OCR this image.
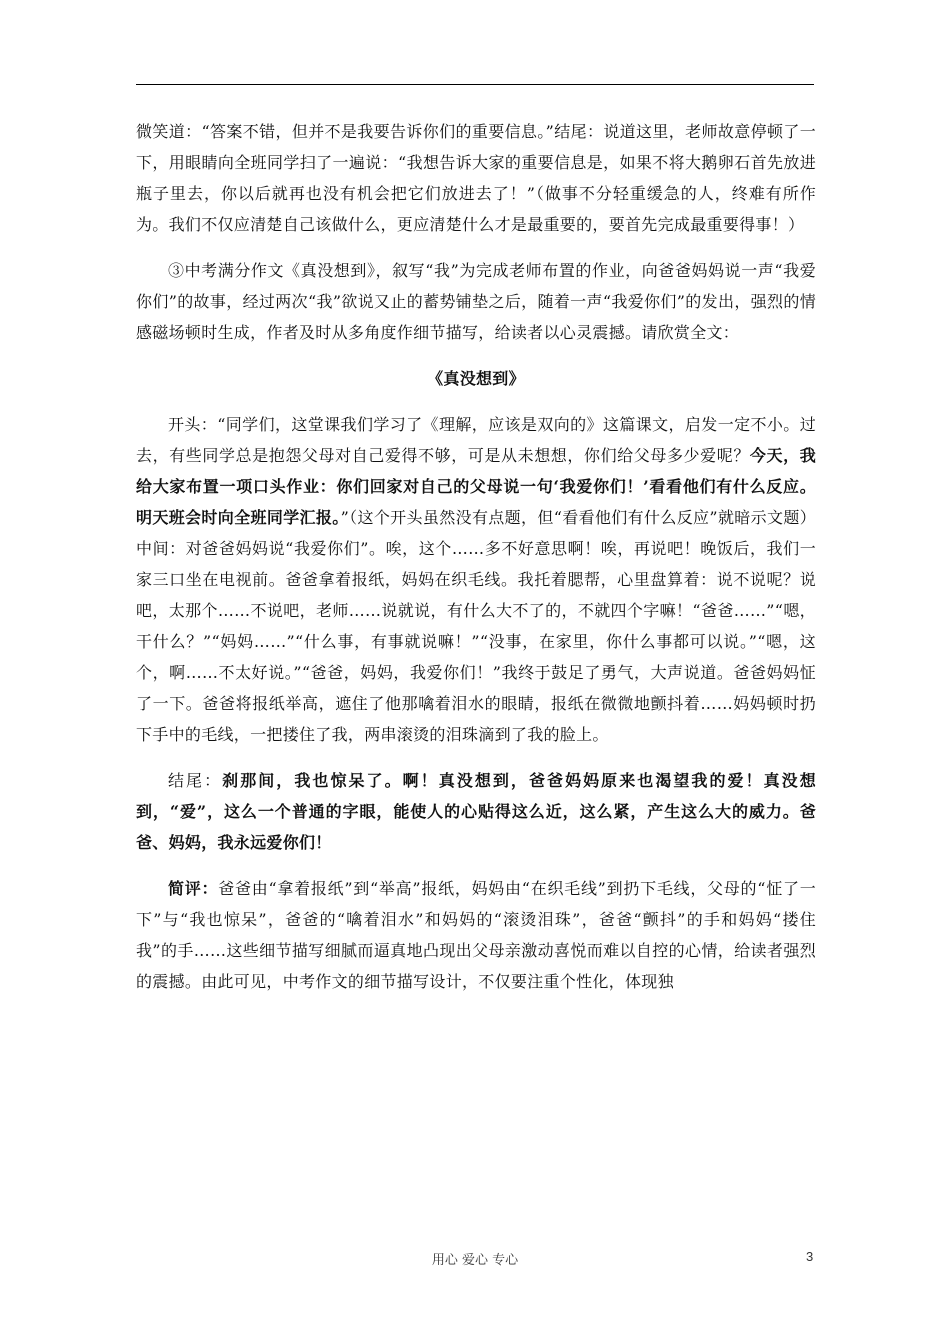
微笑道：“答案不错，但并不是我要告诉你们的重要信息。”结尾：说道这里，老师故意停顿了一下，用眼睛向全班同学扫了一遍说：“我想告诉大家的重要信息是，如果不将大鹅卵石首先放进瓶子里去，你以后就再也没有机会把它们放进去了！”（做事不分轻重缓急的人，终难有所作为。我们不仅应清楚自己该做什么，更应清楚什么才是最重要的，要首先完成最重要得事！）

③中考满分作文《真没想到》，叙写“我”为完成老师布置的作业，向爸爸妈妈说一声“我爱你们”的故事，经过两次“我”欲说又止的蓄势铺垫之后，随着一声“我爱你们”的发出，强烈的情感磁场顿时生成，作者及时从多角度作细节描写，给读者以心灵震撼。请欣赏全文：

《真没想到》

开头：“同学们，这堂课我们学习了《理解，应该是双向的》这篇课文，启发一定不小。过去，有些同学总是抱怨父母对自己爱得不够，可是从未想想，你们给父母多少爱呢？今天，我给大家布置一项口头作业：你们回家对自己的父母说一句‘我爱你们！’看看他们有什么反应。明天班会时向全班同学汇报。”（这个开头虽然没有点题，但“看看他们有什么反应”就暗示文题）中间：对爸爸妈妈说“我爱你们”。唉，这个……多不好意思啊！唉，再说吧！晚饭后，我们一家三口坐在电视前。爸爸拿着报纸，妈妈在织毛线。我托着腮帮，心里盘算着：说不说呢？说吧，太那个……不说吧，老师……说就说，有什么大不了的，不就四个字嘛！“爸爸……”“嗯，干什么？”“妈妈……”“什么事，有事就说嘛！”“没事，在家里，你什么事都可以说。”“嗯，这个，啊……不太好说。”“爸爸，妈妈，我爱你们！”我终于鼓足了勇气，大声说道。爸爸妈妈怔了一下。爸爸将报纸举高，遮住了他那噙着泪水的眼睛，报纸在微微地颤抖着……妈妈顿时扔下手中的毛线，一把搂住了我，两串滚烫的泪珠滴到了我的脸上。

结尾：刹那间，我也惊呆了。啊！真没想到，爸爸妈妈原来也渴望我的爱！真没想到，“爱”，这么一个普通的字眼，能使人的心贴得这么近，这么紧，产生这么大的威力。爸爸、妈妈，我永远爱你们！

简评：爸爸由“拿着报纸”到“举高”报纸，妈妈由“在织毛线”到扔下毛线，父母的“怔了一下”与“我也惊呆”，爸爸的“噙着泪水”和妈妈的“滚烫泪珠”，爸爸“颤抖”的手和妈妈“搂住我”的手……这些细节描写细腻而逼真地凸现出父母亲激动喜悦而难以自控的心情，给读者强烈的震撼。由此可见，中考作文的细节描写设计，不仅要注重个性化，体现独

用心 爱心 专心	3
